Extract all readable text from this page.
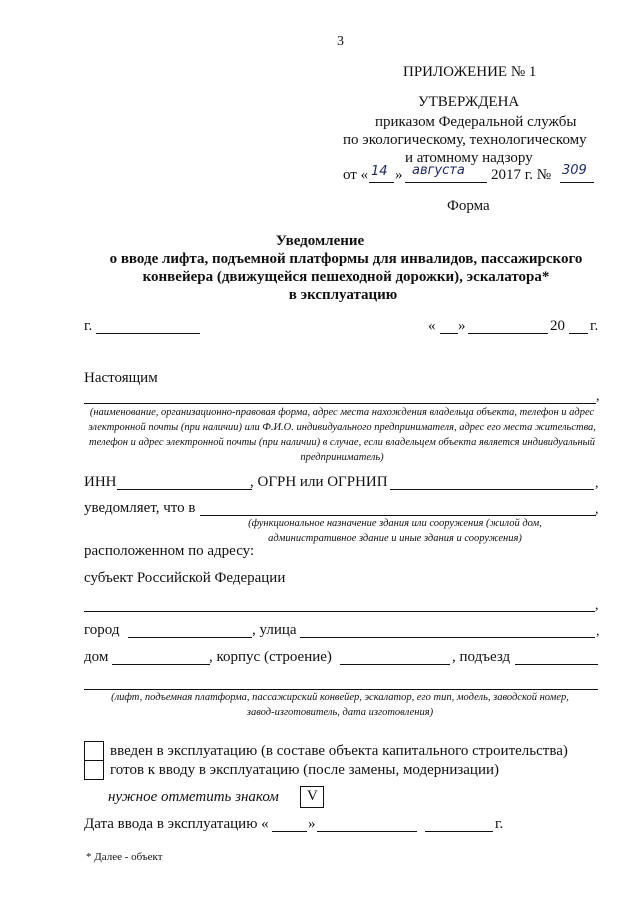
3
ПРИЛОЖЕНИЕ № 1
УТВЕРЖДЕНА
приказом Федеральной службы
по экологическому, технологическому
и атомному надзору
от « 14 » августа 2017 г. № 309
Форма
Уведомление
о вводе лифта, подъемной платформы для инвалидов, пассажирского
конвейера (движущейся пешеходной дорожки), эскалатора*
в эксплуатацию
г.	« »	20 г.
Настоящим
,
(наименование, организационно-правовая форма, адрес места нахождения владельца объекта, телефон и адрес электронной почты (при наличии) или Ф.И.О. индивидуального предпринимателя, адрес его места жительства, телефон и адрес электронной почты (при наличии) в случае, если владельцем объекта является индивидуальный предприниматель)
ИНН	, ОГРН или ОГРНИП	,
уведомляет, что в	,
(функциональное назначение здания или сооружения (жилой дом, административное здание и иные здания и сооружения)
расположенном по адресу:
субъект Российской Федерации
,
город	, улица	,
дом	, корпус (строение)	, подъезд
(лифт, подъемная платформа, пассажирский конвейер, эскалатор, его тип, модель, заводской номер, завод-изготовитель, дата изготовления)
введен в эксплуатацию (в составе объекта капитального строительства)
готов к вводу в эксплуатацию (после замены, модернизации)
нужное отметить знаком V
Дата ввода в эксплуатацию «	»	г.
* Далее - объект
